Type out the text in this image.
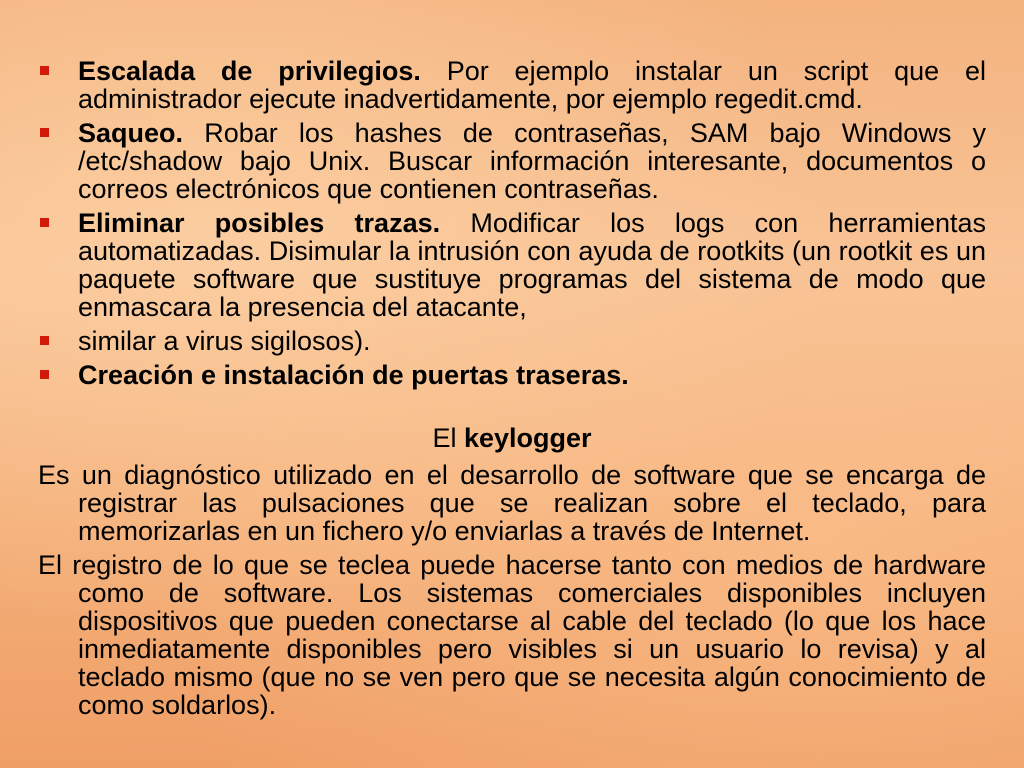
Escalada de privilegios. Por ejemplo instalar un script que el administrador ejecute inadvertidamente, por ejemplo regedit.cmd.
Saqueo. Robar los hashes de contraseñas, SAM bajo Windows y /etc/shadow bajo Unix. Buscar información interesante, documentos o correos electrónicos que contienen contraseñas.
Eliminar posibles trazas. Modificar los logs con herramientas automatizadas. Disimular la intrusión con ayuda de rootkits (un rootkit es un paquete software que sustituye programas del sistema de modo que enmascara la presencia del atacante,
similar a virus sigilosos).
Creación e instalación de puertas traseras.
El keylogger

Es un diagnóstico utilizado en el desarrollo de software que se encarga de registrar las pulsaciones que se realizan sobre el teclado, para memorizarlas en un fichero y/o enviarlas a través de Internet.

El registro de lo que se teclea puede hacerse tanto con medios de hardware como de software. Los sistemas comerciales disponibles incluyen dispositivos que pueden conectarse al cable del teclado (lo que los hace inmediatamente disponibles pero visibles si un usuario lo revisa) y al teclado mismo (que no se ven pero que se necesita algún conocimiento de como soldarlos).
